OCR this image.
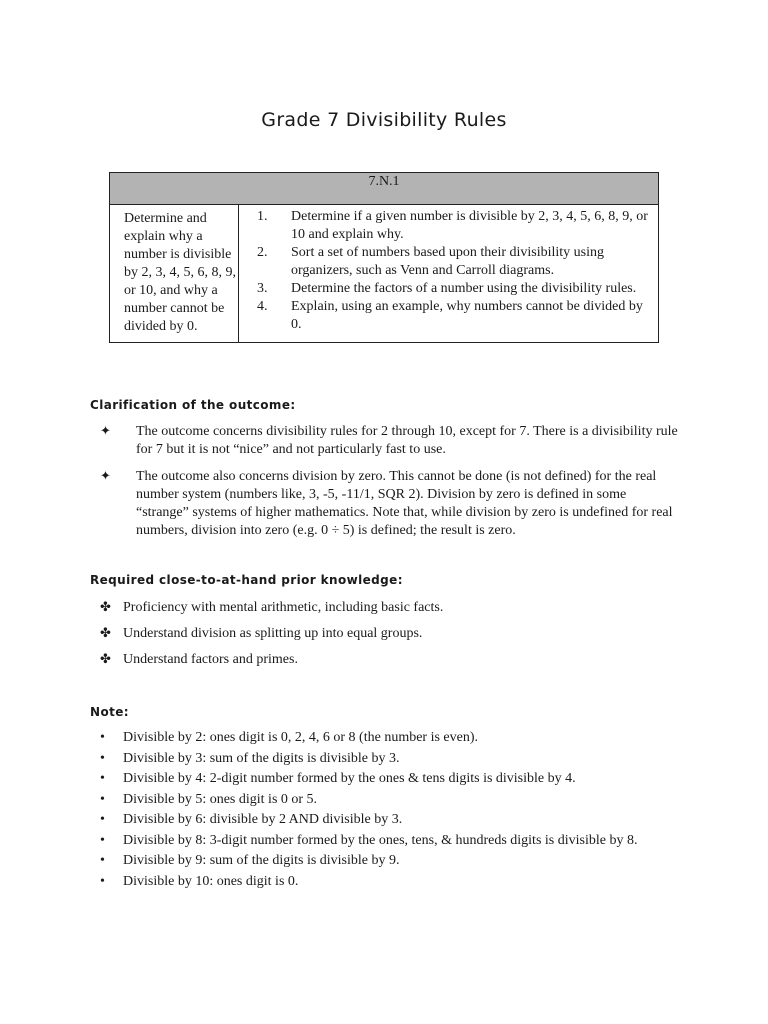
Grade 7 Divisibility Rules
7.N.1
Determine and explain why a number is divisible by 2, 3, 4, 5, 6, 8, 9, or 10, and why a number cannot be divided by 0.	
1. Determine if a given number is divisible by 2, 3, 4, 5, 6, 8, 9, or 10 and explain why.
2. Sort a set of numbers based upon their divisibility using organizers, such as Venn and Carroll diagrams.
3. Determine the factors of a number using the divisibility rules.
4. Explain, using an example, why numbers cannot be divided by 0.
Clarification of the outcome:
✦ The outcome concerns divisibility rules for 2 through 10, except for 7. There is a divisibility rule for 7 but it is not “nice” and not particularly fast to use.
✦ The outcome also concerns division by zero. This cannot be done (is not defined) for the real number system (numbers like, 3, -5, -11/1, SQR 2). Division by zero is defined in some “strange” systems of higher mathematics. Note that, while division by zero is undefined for real numbers, division into zero (e.g. 0 ÷ 5) is defined; the result is zero.
Required close-to-at-hand prior knowledge:
✤ Proficiency with mental arithmetic, including basic facts.
✤ Understand division as splitting up into equal groups.
✤ Understand factors and primes.
Note:
• Divisible by 2: ones digit is 0, 2, 4, 6 or 8 (the number is even).
• Divisible by 3: sum of the digits is divisible by 3.
• Divisible by 4: 2-digit number formed by the ones & tens digits is divisible by 4.
• Divisible by 5: ones digit is 0 or 5.
• Divisible by 6: divisible by 2 AND divisible by 3.
• Divisible by 8: 3-digit number formed by the ones, tens, & hundreds digits is divisible by 8.
• Divisible by 9: sum of the digits is divisible by 9.
• Divisible by 10: ones digit is 0.
